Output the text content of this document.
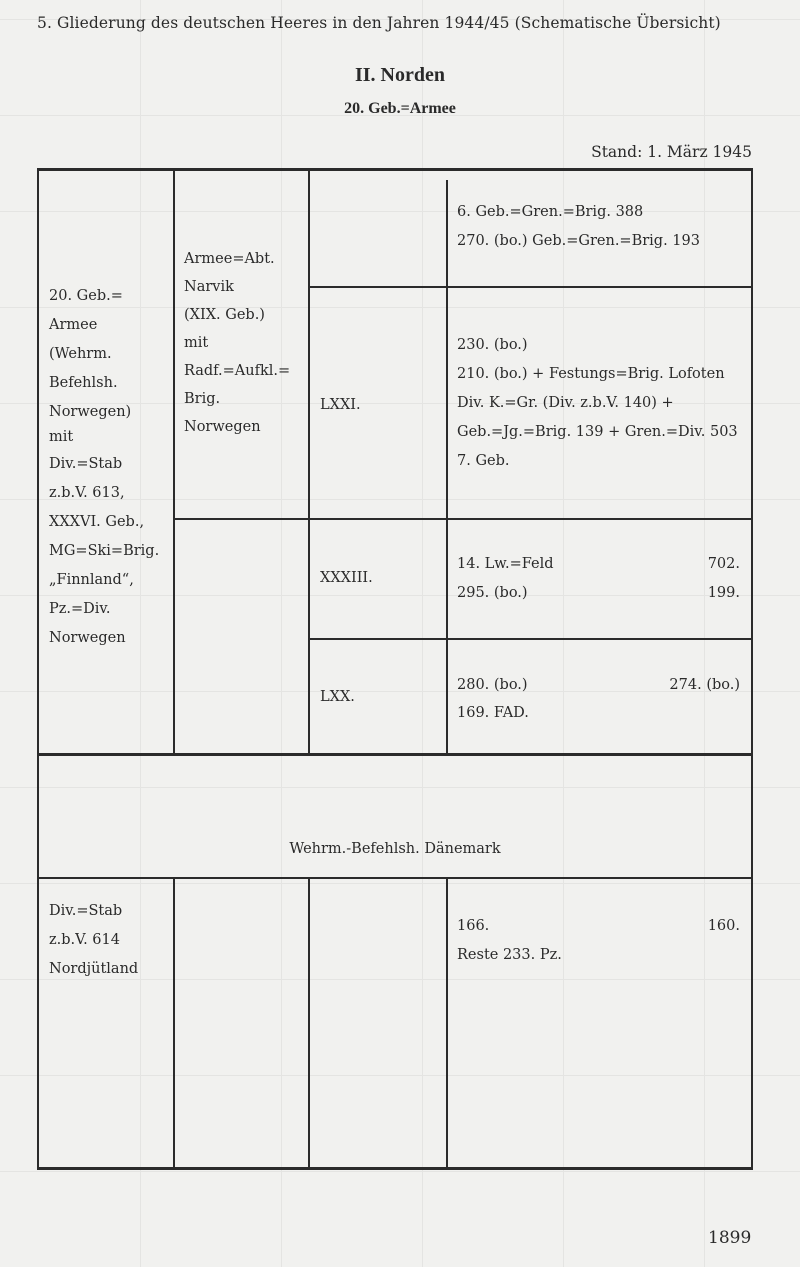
5. Gliederung des deutschen Heeres in den Jahren 1944/45 (Schematische Übersicht)
II. Norden
20. Geb.=Armee
Stand: 1. März 1945
20. Geb.=
Armee
(Wehrm.
Befehlsh.
Norwegen)
mit
Div.=Stab
z.b.V. 613,
XXXVI. Geb.,
MG=Ski=Brig.
„Finnland“,
Pz.=Div.
Norwegen
Armee=Abt.
Narvik
(XIX. Geb.)
mit
Radf.=Aufkl.=
Brig.
Norwegen
6. Geb.=Gren.=Brig. 388
270. (bo.) Geb.=Gren.=Brig. 193
LXXI.
230. (bo.)
210. (bo.) + Festungs=Brig. Lofoten
Div. K.=Gr. (Div. z.b.V. 140) +
Geb.=Jg.=Brig. 139 + Gren.=Div. 503
7. Geb.
XXXIII.
14. Lw.=Feld
295. (bo.)
702.
199.
LXX.
280. (bo.)
169. FAD.
274. (bo.)
Wehrm.-Befehlsh. Dänemark
Div.=Stab
z.b.V. 614
Nordjütland
166.
Reste 233. Pz.
160.
1899
